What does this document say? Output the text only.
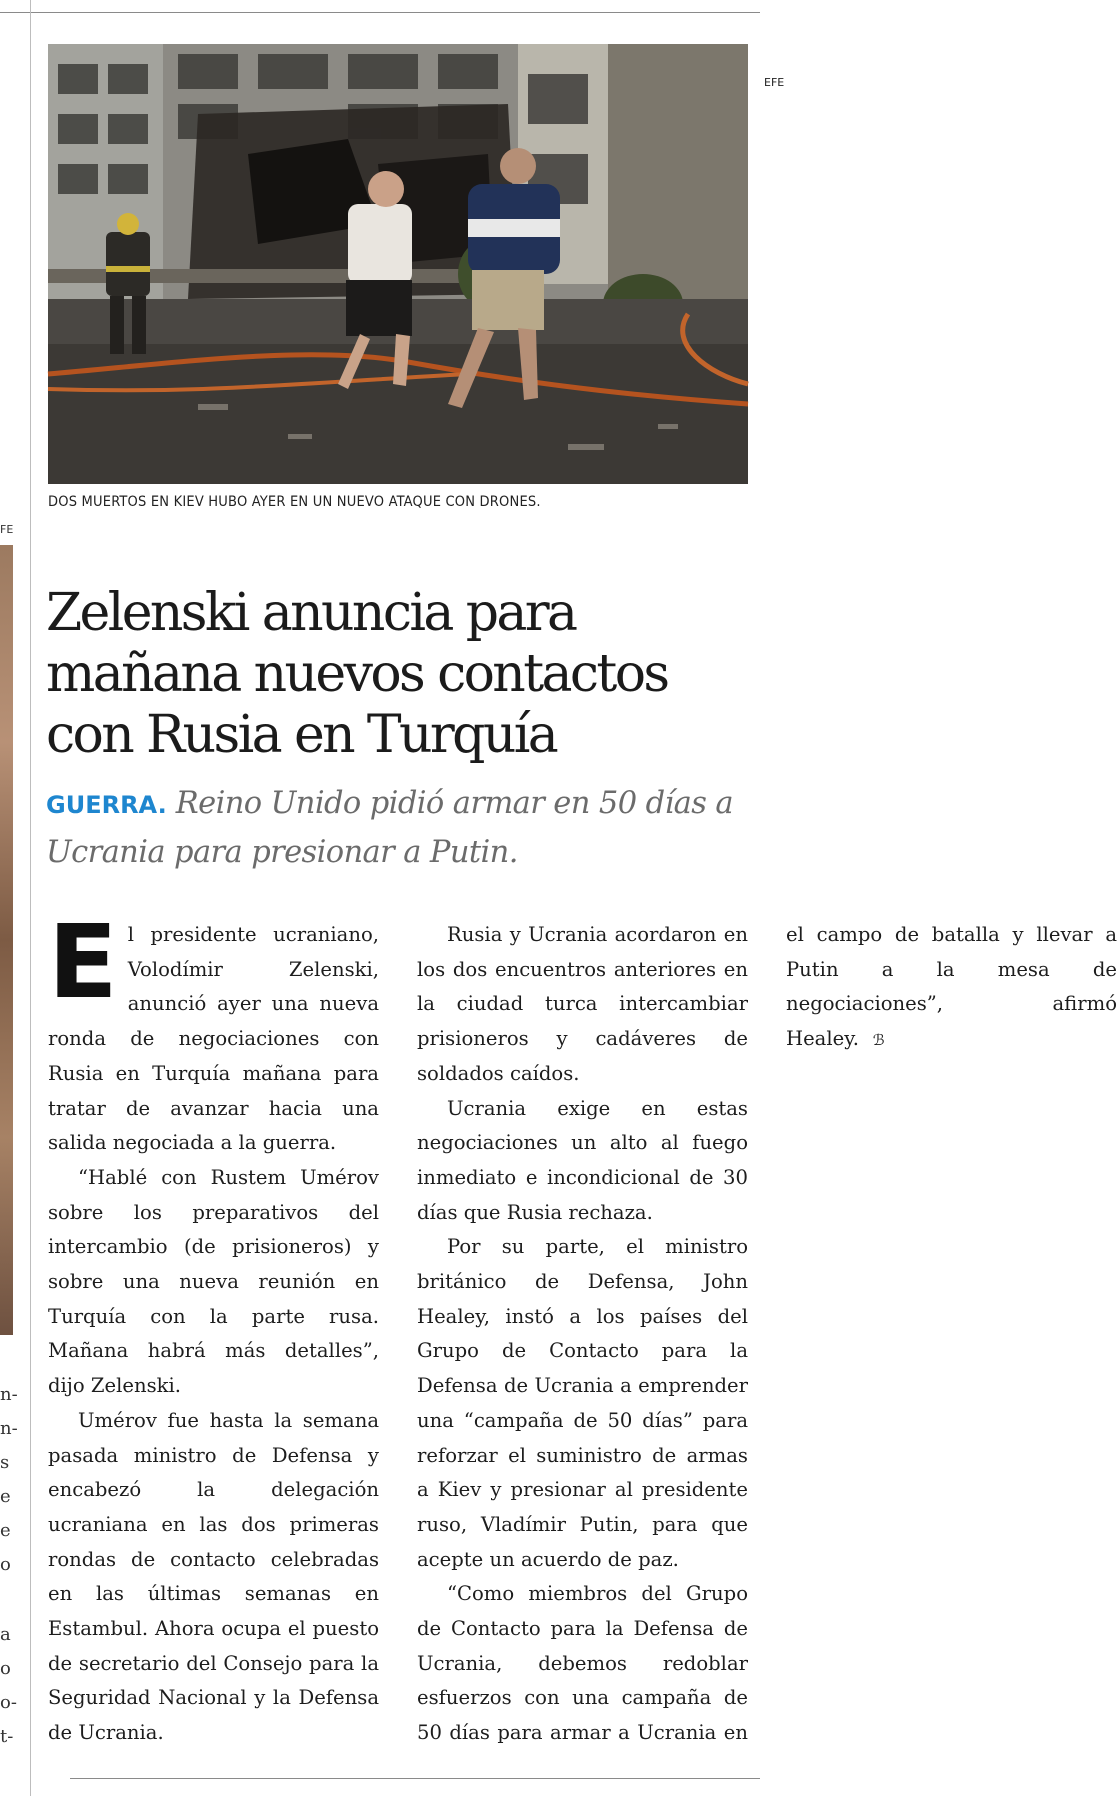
FE
n-
n-
s
e
e
o
a
o
o-
t-
EFE
DOS MUERTOS EN KIEV HUBO AYER EN UN NUEVO ATAQUE CON DRONES.
Zelenski anuncia para mañana nuevos contactos con Rusia en Turquía
GUERRA. Reino Unido pidió armar en 50 días a Ucrania para presionar a Putin.

El presidente ucraniano, Volodímir Zelenski, anunció ayer una nueva ronda de negociaciones con Rusia en Turquía mañana para tratar de avanzar hacia una salida negociada a la guerra.

“Hablé con Rustem Umérov sobre los preparativos del intercambio (de prisioneros) y sobre una nueva reunión en Turquía con la parte rusa. Mañana habrá más detalles”, dijo Zelenski.

Umérov fue hasta la semana pasada ministro de Defensa y encabezó la delegación ucraniana en las dos primeras rondas de contacto celebradas en las últimas semanas en Estambul. Ahora ocupa el puesto de secretario del Consejo para la Seguridad Nacional y la Defensa de Ucrania.

Rusia y Ucrania acordaron en los dos encuentros anteriores en la ciudad turca intercambiar prisioneros y cadáveres de soldados caídos.

Ucrania exige en estas negociaciones un alto al fuego inmediato e incondicional de 30 días que Rusia rechaza.

Por su parte, el ministro británico de Defensa, John Healey, instó a los países del Grupo de Contacto para la Defensa de Ucrania a emprender una “campaña de 50 días” para reforzar el suministro de armas a Kiev y presionar al presidente ruso, Vladímir Putin, para que acepte un acuerdo de paz.

“Como miembros del Grupo de Contacto para la Defensa de Ucrania, debemos redoblar esfuerzos con una campaña de 50 días para armar a Ucrania en el campo de batalla y llevar a Putin a la mesa de negociaciones”, afirmó Healey. ℬ
